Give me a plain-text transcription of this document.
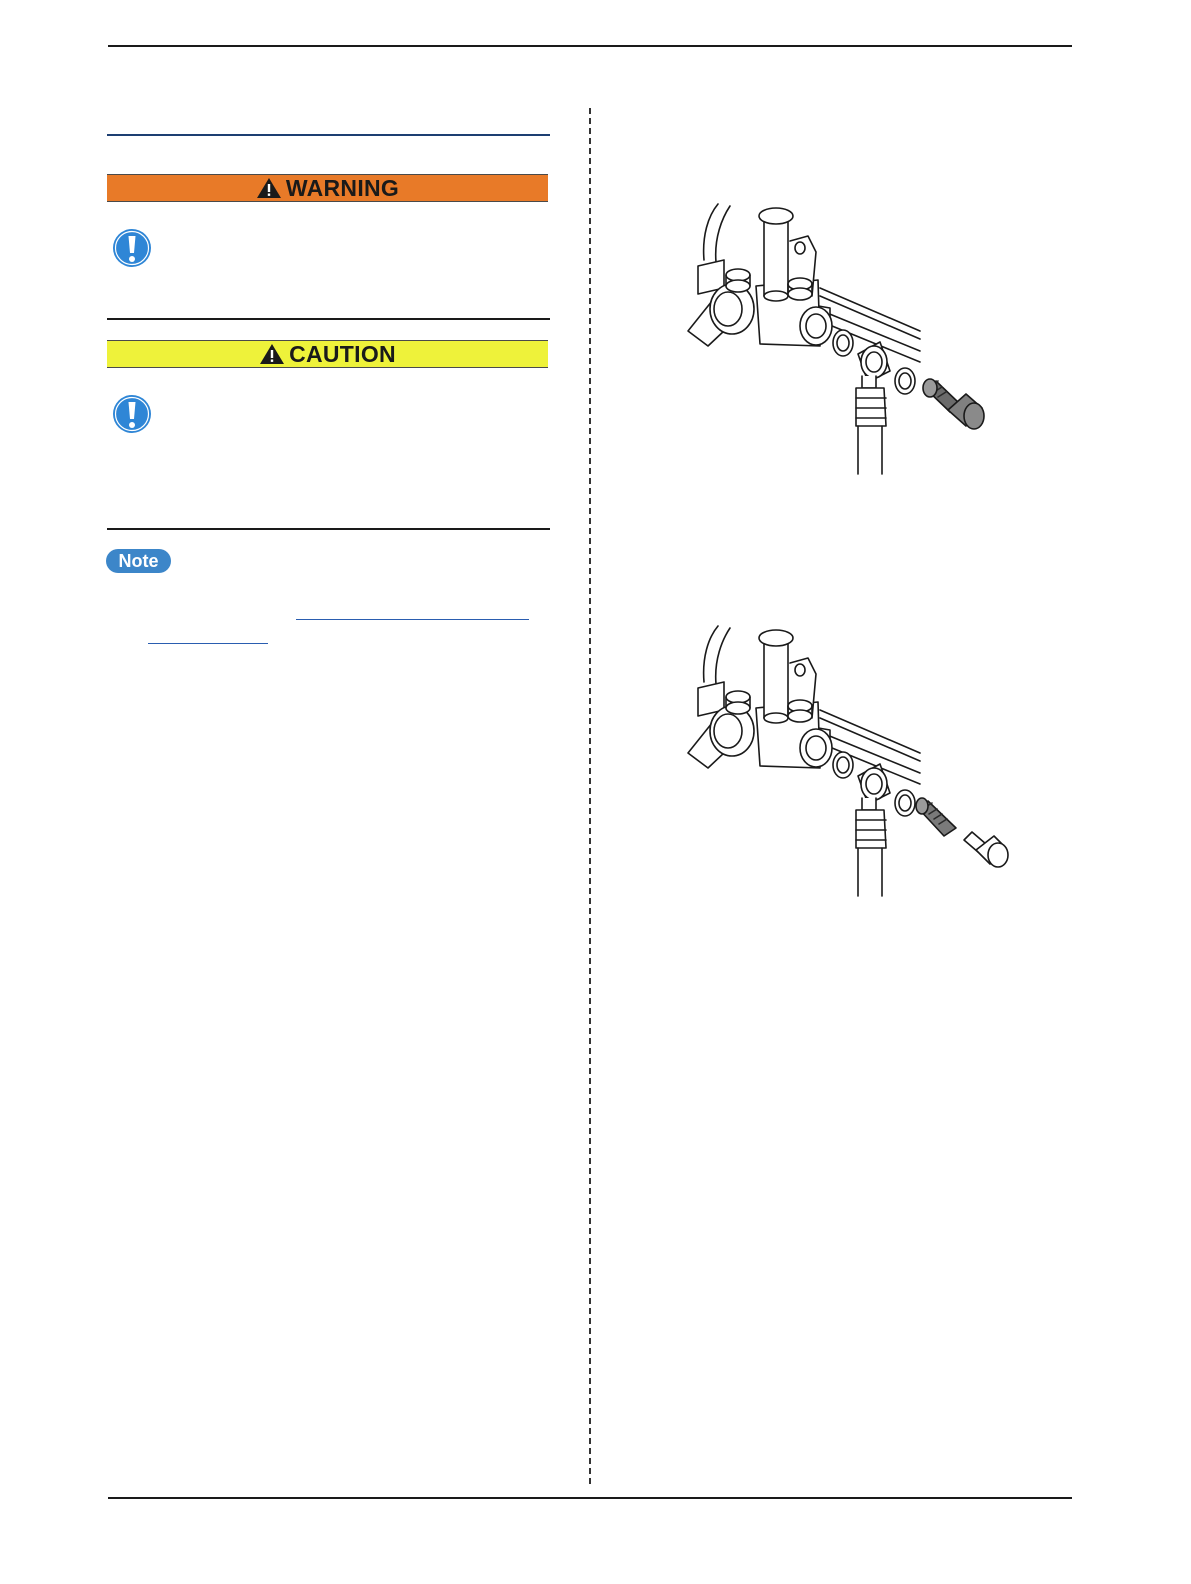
WARNING
CAUTION
Note
